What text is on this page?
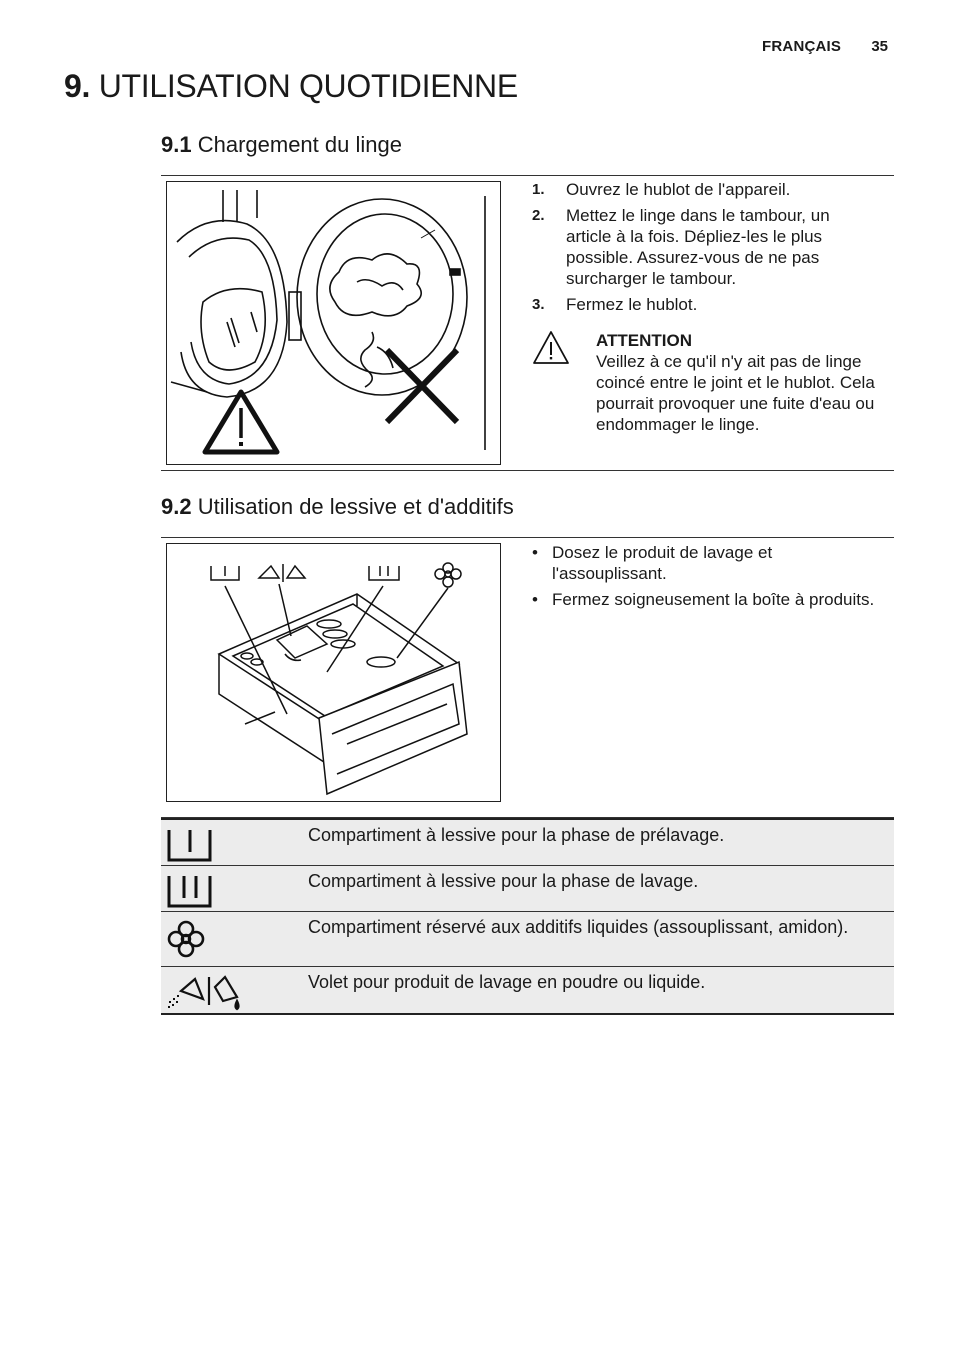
FRANÇAIS 35
9. UTILISATION QUOTIDIENNE
9.1 Chargement du linge
1.	Ouvrez le hublot de l'appareil.
2.	Mettez le linge dans le tambour, un article à la fois. Dépliez-les le plus possible. Assurez-vous de ne pas surcharger le tambour.
3.	Fermez le hublot.
ATTENTION
Veillez à ce qu'il n'y ait pas de linge coincé entre le joint et le hublot. Cela pourrait provoquer une fuite d'eau ou endommager le linge.
9.2 Utilisation de lessive et d'additifs
• Dosez le produit de lavage et l'assouplissant.
• Fermez soigneusement la boîte à produits.
Compartiment à lessive pour la phase de prélavage.
Compartiment à lessive pour la phase de lavage.
Compartiment réservé aux additifs liquides (assouplissant, amidon).
Volet pour produit de lavage en poudre ou liquide.
